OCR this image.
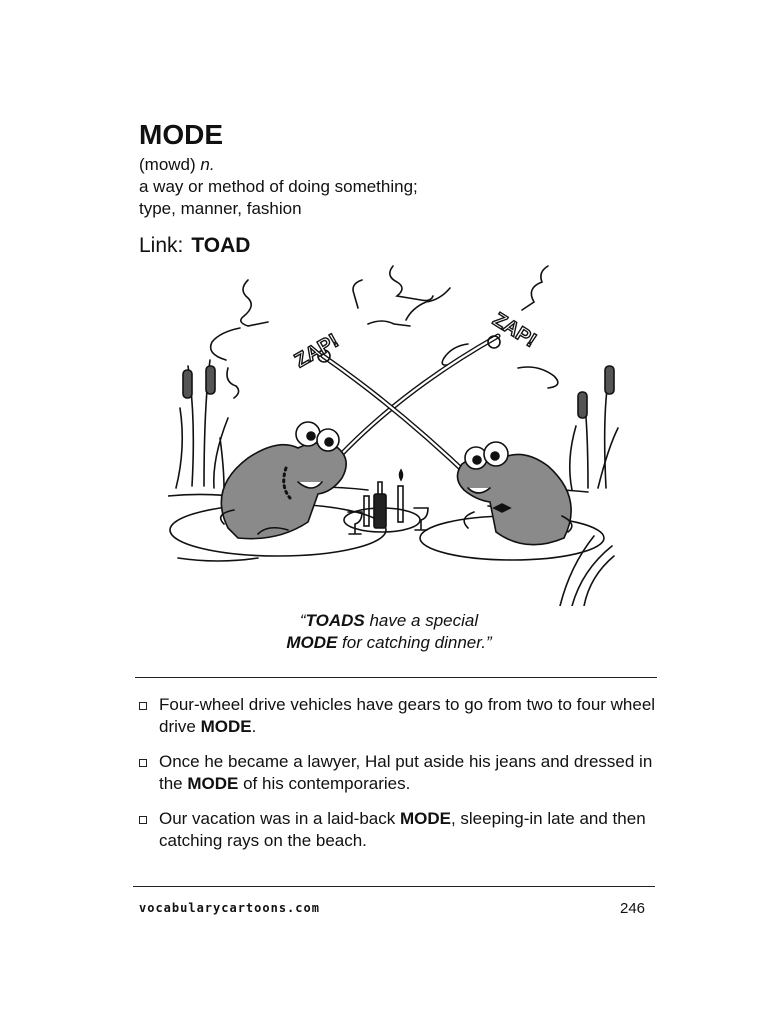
MODE
(mowd) n.
a way or method of doing something;
type, manner, fashion
Link: TOAD
ZAP!	ZAP!
“TOADS have a special
MODE for catching dinner.”
Four-wheel drive vehicles have gears to go from two to four wheel drive MODE.
Once he became a lawyer, Hal put aside his jeans and dressed in the MODE of his contemporaries.
Our vacation was in a laid-back MODE, sleeping-in late and then catching rays on the beach.
vocabularycartoons.com	246
